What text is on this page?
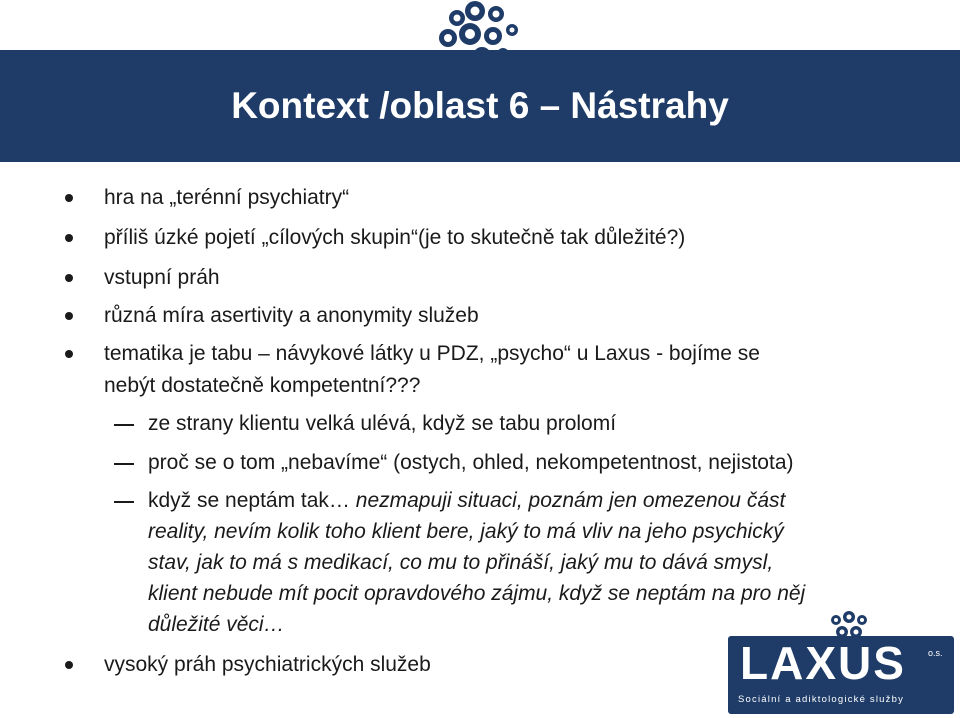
Kontext /oblast 6 – Nástrahy
hra na „terénní psychiatry“
příliš úzké pojetí „cílových skupin“(je to skutečně tak důležité?)
vstupní práh
různá míra asertivity a anonymity služeb
tematika je tabu – návykové látky u PDZ, „psycho“ u Laxus - bojíme se
nebýt dostatečně kompetentní???
ze strany klientu velká ulévá, když se tabu prolomí
proč se o tom „nebavíme“ (ostych, ohled, nekompetentnost, nejistota)
když se neptám tak… nezmapuji situaci, poznám jen omezenou část
reality, nevím kolik toho klient bere, jaký to má vliv na jeho psychický
stav, jak to má s medikací, co mu to přináší, jaký mu to dává smysl,
klient nebude mít pocit opravdového zájmu, když se neptám na pro něj
důležité věci…
vysoký práh psychiatrických služeb	LAXUS o.s.
Sociální a adiktologické služby
